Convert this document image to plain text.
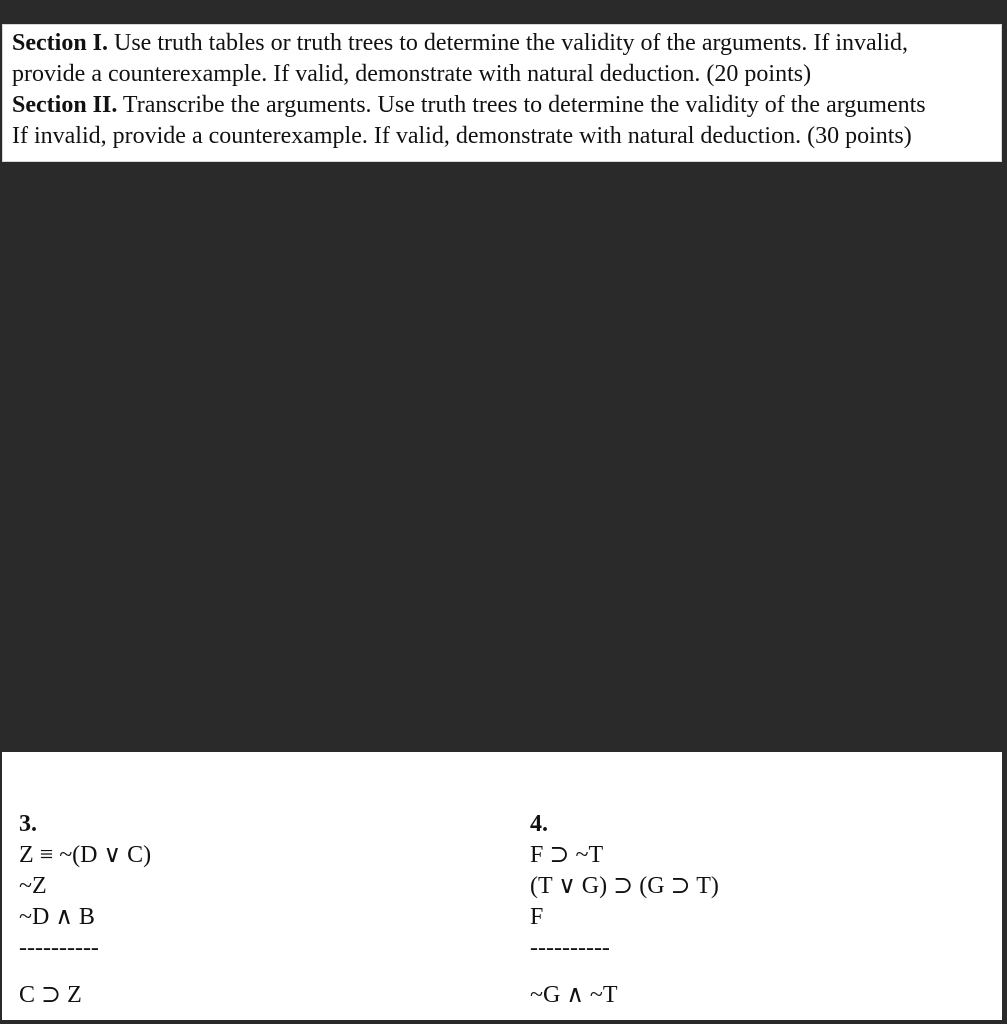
Section I. Use truth tables or truth trees to determine the validity of the arguments. If invalid,
provide a counterexample. If valid, demonstrate with natural deduction. (20 points)
Section II. Transcribe the arguments. Use truth trees to determine the validity of the arguments
If invalid, provide a counterexample. If valid, demonstrate with natural deduction. (30 points)
3.
Z ≡ ~(D ∨ C)
~Z
~D ∧ B
----------
C ⊃ Z
4.
F ⊃ ~T
(T ∨ G) ⊃ (G ⊃ T)
F
----------
~G ∧ ~T
